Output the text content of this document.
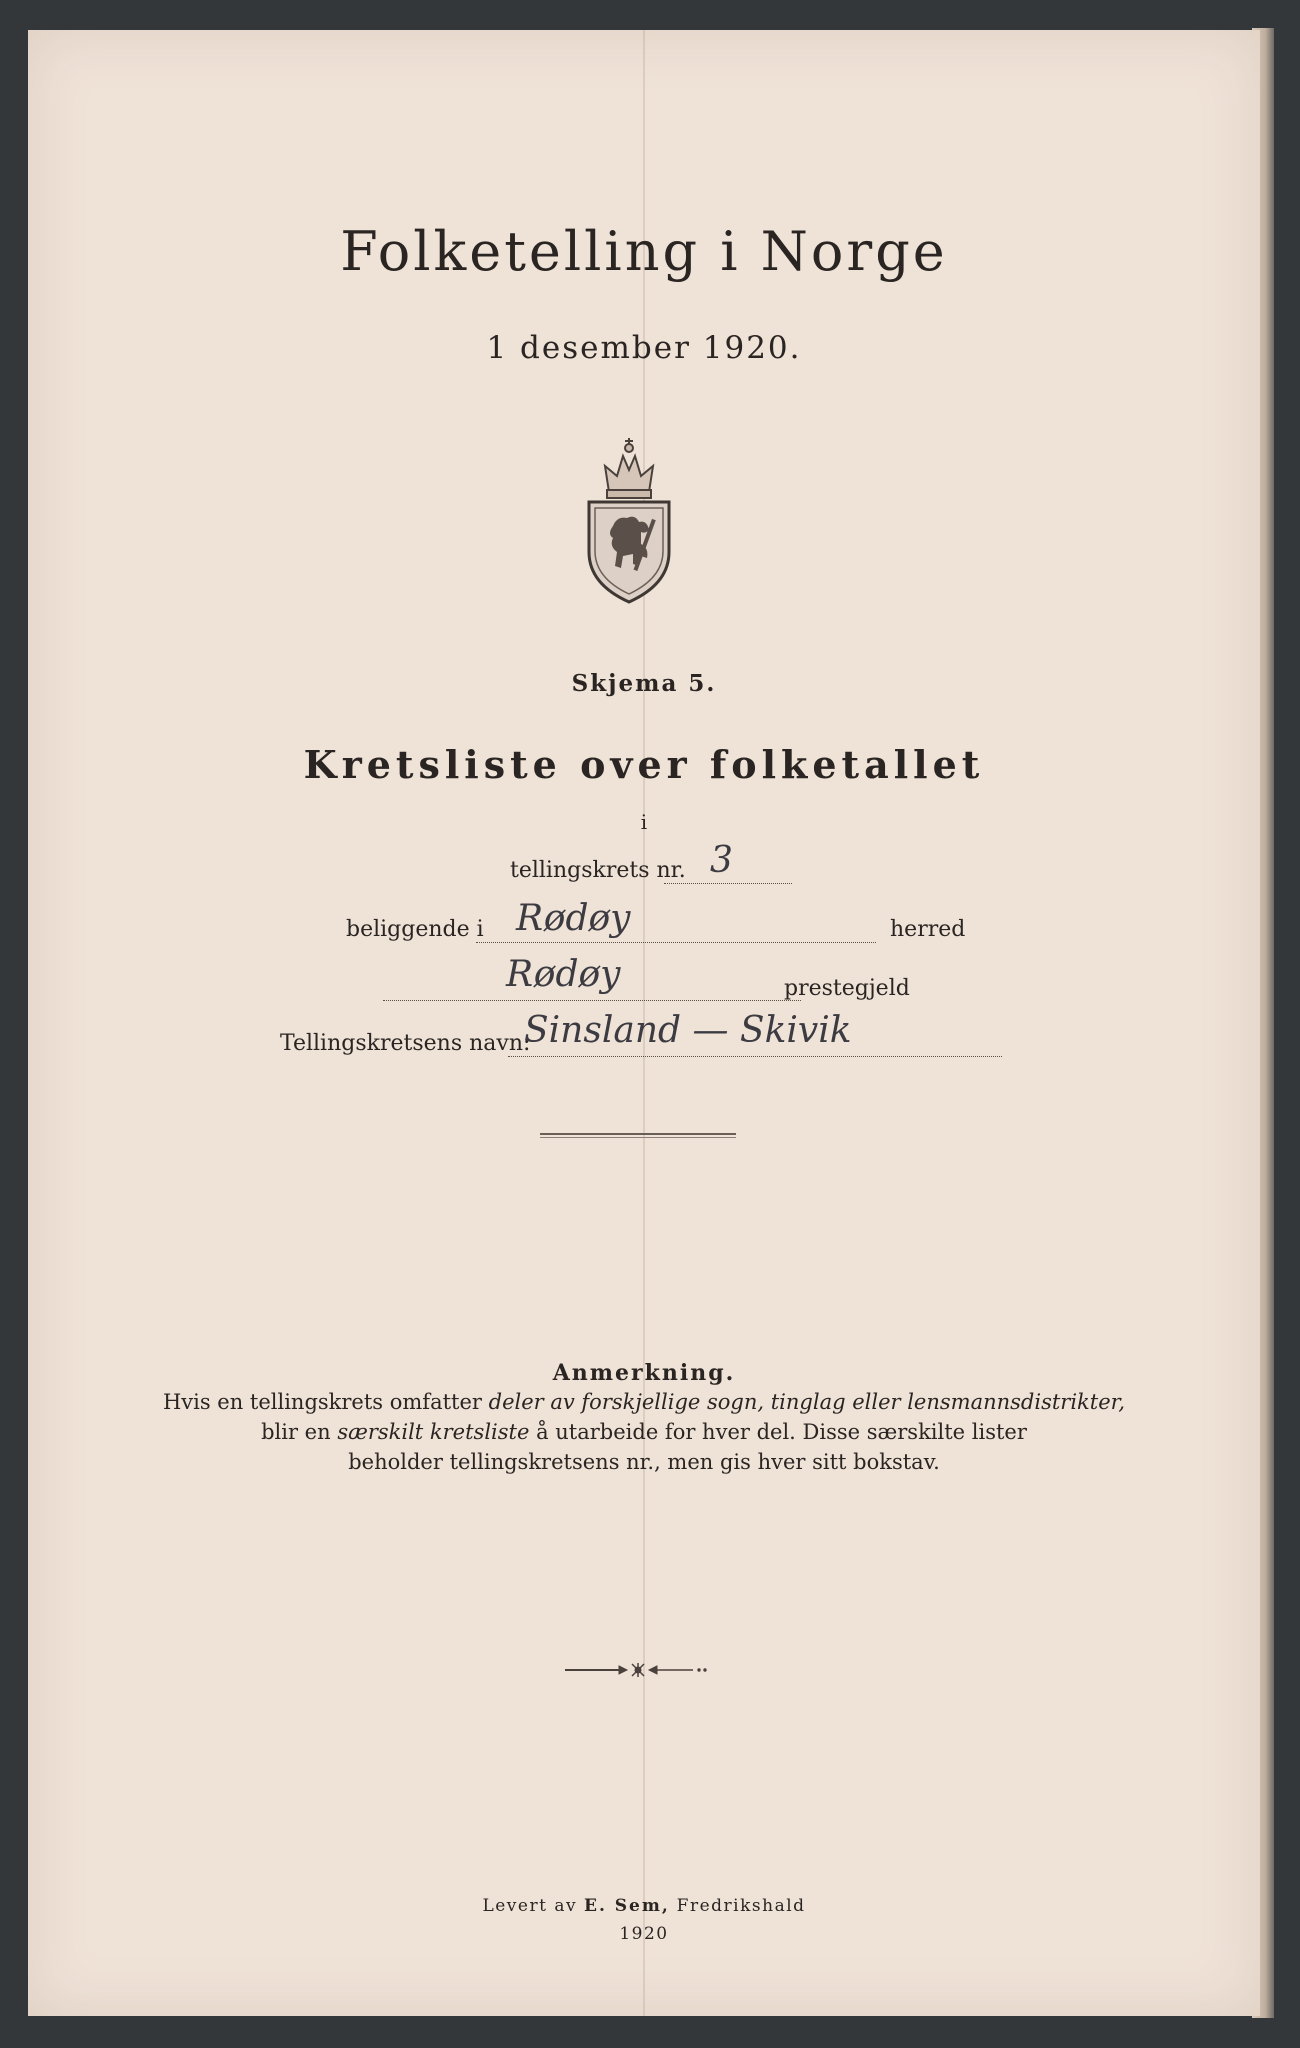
Folketelling i Norge
1 desember 1920.
Skjema 5.
Kretsliste over folketallet
i
tellingskrets nr. 3
beliggende i Rødøy	herred
Rødøy	prestegjeld
Tellingskretsens navn:
Sinsland — Skivik
Anmerkning.
Hvis en tellingskrets omfatter deler av forskjellige sogn, tinglag eller lensmannsdistrikter,
blir en særskilt kretsliste å utarbeide for hver del. Disse særskilte lister
beholder tellingskretsens nr., men gis hver sitt bokstav.
Levert av E. Sem, Fredrikshald
1920
